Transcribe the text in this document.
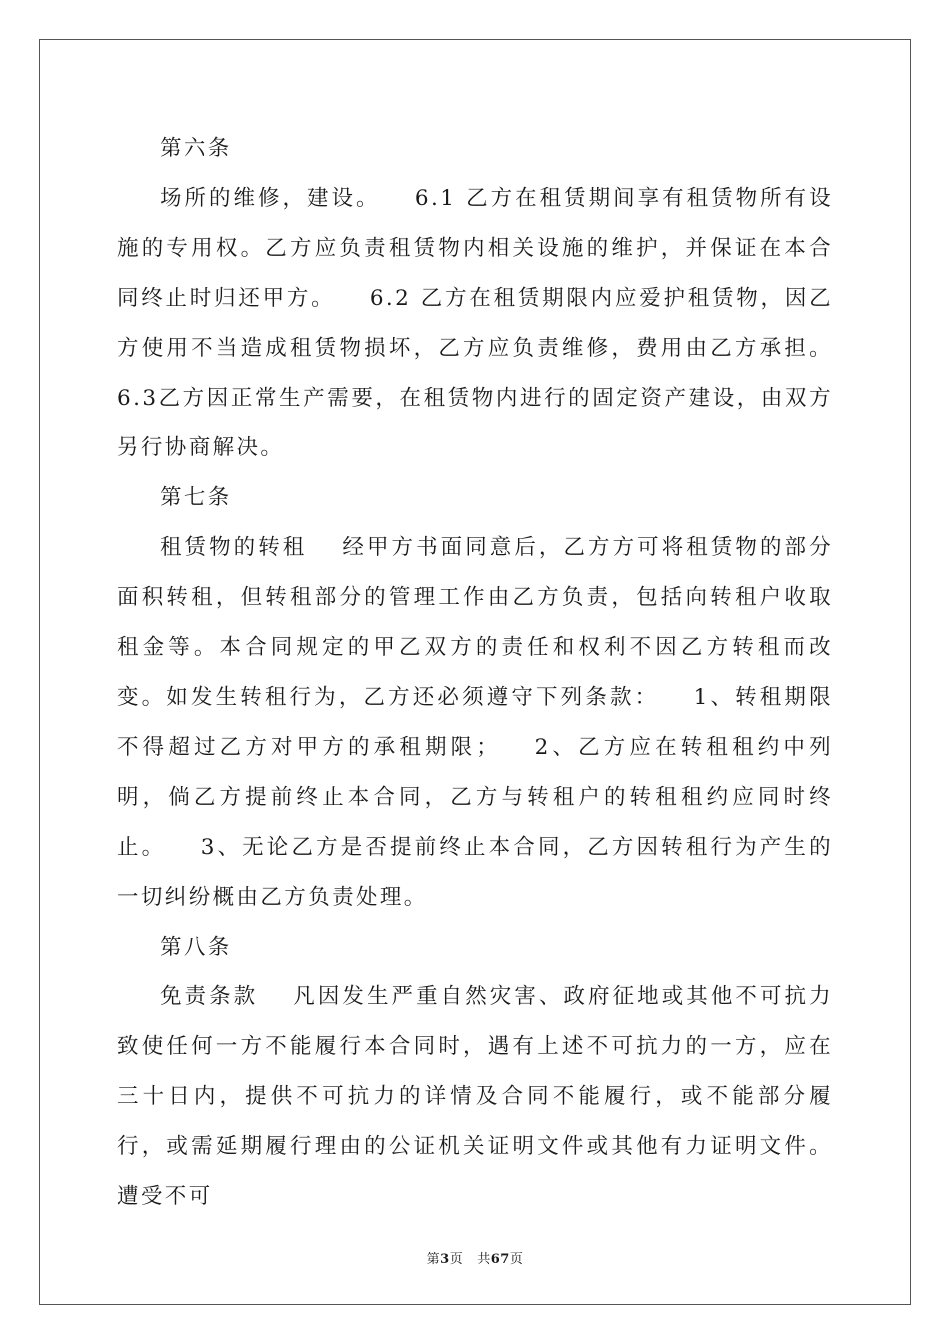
第六条

场所的维修，建设。 6.1 乙方在租赁期间享有租赁物所有设施的专用权。乙方应负责租赁物内相关设施的维护，并保证在本合同终止时归还甲方。 6.2 乙方在租赁期限内应爱护租赁物，因乙方使用不当造成租赁物损坏，乙方应负责维修，费用由乙方承担。6.3乙方因正常生产需要，在租赁物内进行的固定资产建设，由双方另行协商解决。

第七条

租赁物的转租 经甲方书面同意后，乙方方可将租赁物的部分面积转租，但转租部分的管理工作由乙方负责，包括向转租户收取租金等。本合同规定的甲乙双方的责任和权利不因乙方转租而改变。如发生转租行为，乙方还必须遵守下列条款： 1、转租期限不得超过乙方对甲方的承租期限； 2、乙方应在转租租约中列明，倘乙方提前终止本合同，乙方与转租户的转租租约应同时终止。 3、无论乙方是否提前终止本合同，乙方因转租行为产生的一切纠纷概由乙方负责处理。

第八条

免责条款 凡因发生严重自然灾害、政府征地或其他不可抗力致使任何一方不能履行本合同时，遇有上述不可抗力的一方，应在三十日内，提供不可抗力的详情及合同不能履行，或不能部分履行，或需延期履行理由的公证机关证明文件或其他有力证明文件。遭受不可

第3页 共67页
